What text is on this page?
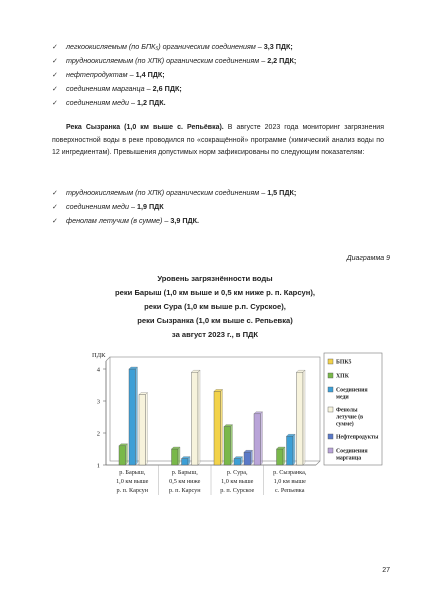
✓ легкоокисляемым (по БПК₅) органическим соединениям – 3,3 ПДК;
✓ трудноокисляемым (по ХПК) органическим соединениям – 2,2 ПДК;
✓ нефтепродуктам – 1,4 ПДК;
✓ соединениям марганца – 2,6 ПДК;
✓ соединениям меди – 1,2 ПДК.
Река Сызранка (1,0 км выше с. Репьёвка). В августе 2023 года мониторинг загрязнения поверхностной воды в реке проводился по «сокращённой» программе (химический анализ воды по 12 ингредиентам). Превышения допустимых норм зафиксированы по следующим показателям:
✓ трудноокисляемым (по ХПК) органическим соединениям – 1,5 ПДК;
✓ соединениям меди – 1,9 ПДК
✓ фенолам летучим (в сумме) – 3,9 ПДК.
Диаграмма 9
Уровень загрязнённости воды
реки Барыш (1,0 км выше и 0,5 км ниже р. п. Карсун),
реки Сура (1,0 км выше р.п. Сурское),
реки Сызранка (1,0 км выше с. Репьевка)
за август 2023 г., в ПДК
ПДК
1
2
3
4
р. Барыш,
1,0 км выше
р. п. Карсун
р. Барыш,
0,5 км ниже
р. п. Карсун
р. Сура,
1,0 км выше
р. п. Сурское
р. Сызранка,
1,0 км выше
с. Репьевка
БПК5
ХПК
Соединения
меди
Фенолы
летучие (в
сумме)
Нефтепродукты
Соединения
марганца
27
